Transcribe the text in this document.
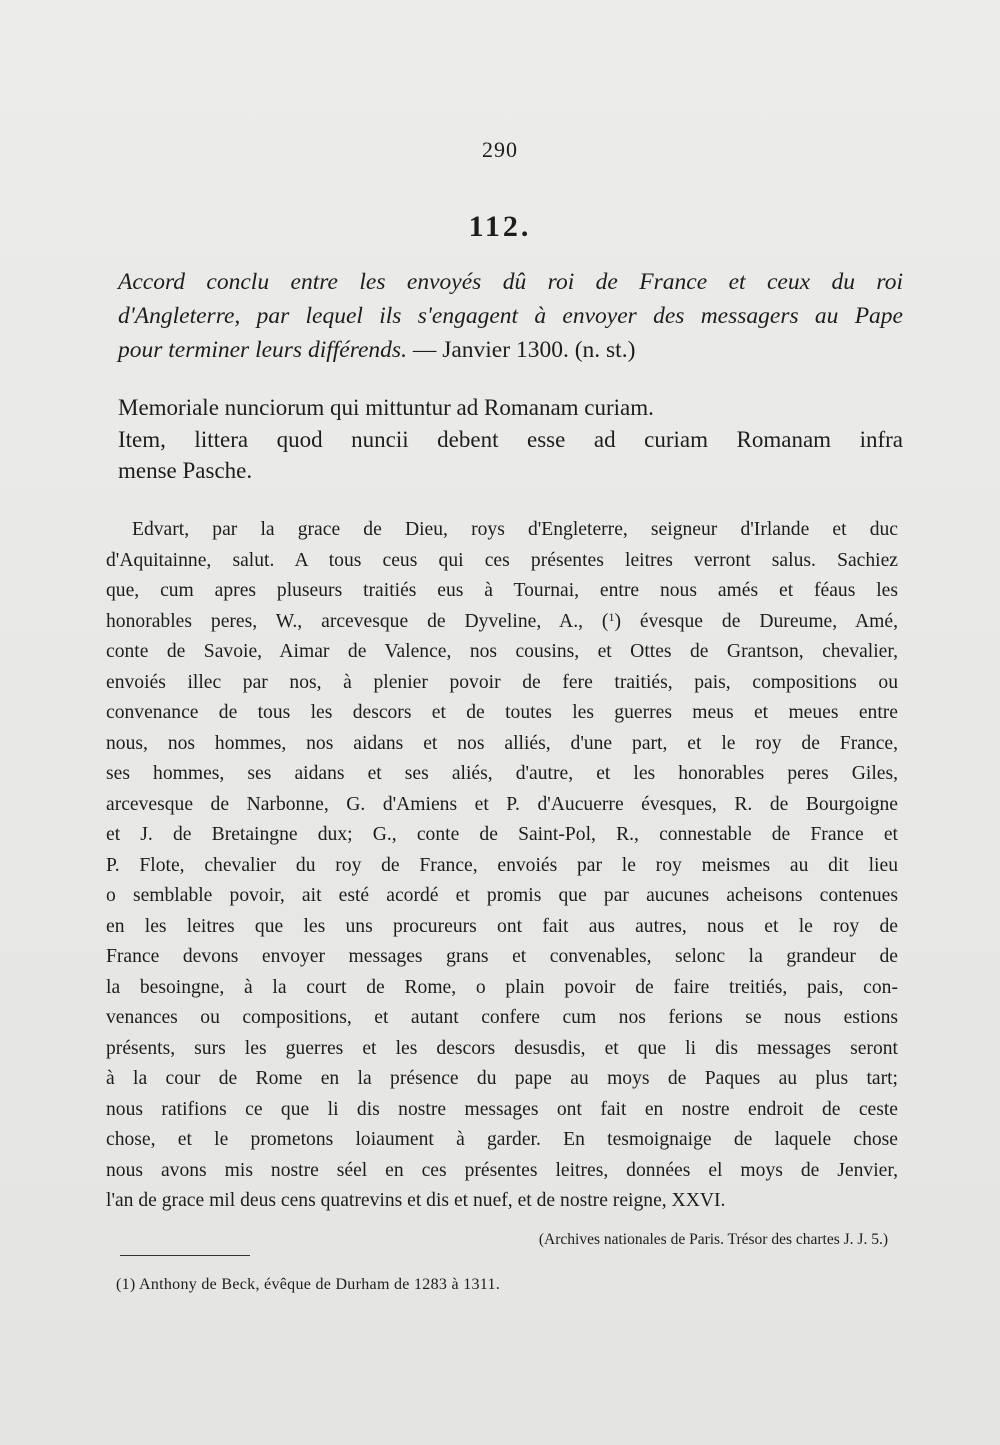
290
112.
Accord conclu entre les envoyés dû roi de France et ceux du roi
d'Angleterre, par lequel ils s'engagent à envoyer des messagers au Pape
pour terminer leurs différends. — Janvier 1300. (n. st.)
Memoriale nunciorum qui mittuntur ad Romanam curiam.
Item, littera quod nuncii debent esse ad curiam Romanam infra
mense Pasche.
Edvart, par la grace de Dieu, roys d'Engleterre, seigneur d'Irlande et duc
d'Aquitainne, salut. A tous ceus qui ces présentes leitres verront salus. Sachiez
que, cum apres pluseurs traitiés eus à Tournai, entre nous amés et féaus les
honorables peres, W., arcevesque de Dyveline, A., ($^1$) évesque de Dureume, Amé,
conte de Savoie, Aimar de Valence, nos cousins, et Ottes de Grantson, chevalier,
envoiés illec par nos, à plenier povoir de fere traitiés, pais, compositions ou
convenance de tous les descors et de toutes les guerres meus et meues entre
nous, nos hommes, nos aidans et nos alliés, d'une part, et le roy de France,
ses hommes, ses aidans et ses aliés, d'autre, et les honorables peres Giles,
arcevesque de Narbonne, G. d'Amiens et P. d'Aucuerre évesques, R. de Bourgoigne
et J. de Bretaingne dux; G., conte de Saint-Pol, R., connestable de France et
P. Flote, chevalier du roy de France, envoiés par le roy meismes au dit lieu
o semblable povoir, ait esté acordé et promis que par aucunes acheisons contenues
en les leitres que les uns procureurs ont fait aus autres, nous et le roy de
France devons envoyer messages grans et convenables, selonc la grandeur de
la besoingne, à la court de Rome, o plain povoir de faire treitiés, pais, con-
venances ou compositions, et autant confere cum nos ferions se nous estions
présents, surs les guerres et les descors desusdis, et que li dis messages seront
à la cour de Rome en la présence du pape au moys de Paques au plus tart;
nous ratifions ce que li dis nostre messages ont fait en nostre endroit de ceste
chose, et le prometons loiaument à garder. En tesmoignaige de laquele chose
nous avons mis nostre séel en ces présentes leitres, données el moys de Jenvier,
l'an de grace mil deus cens quatrevins et dis et nuef, et de nostre reigne, XXVI.
(Archives nationales de Paris. Trésor des chartes J. J. 5.)
(1) Anthony de Beck, évêque de Durham de 1283 à 1311.
